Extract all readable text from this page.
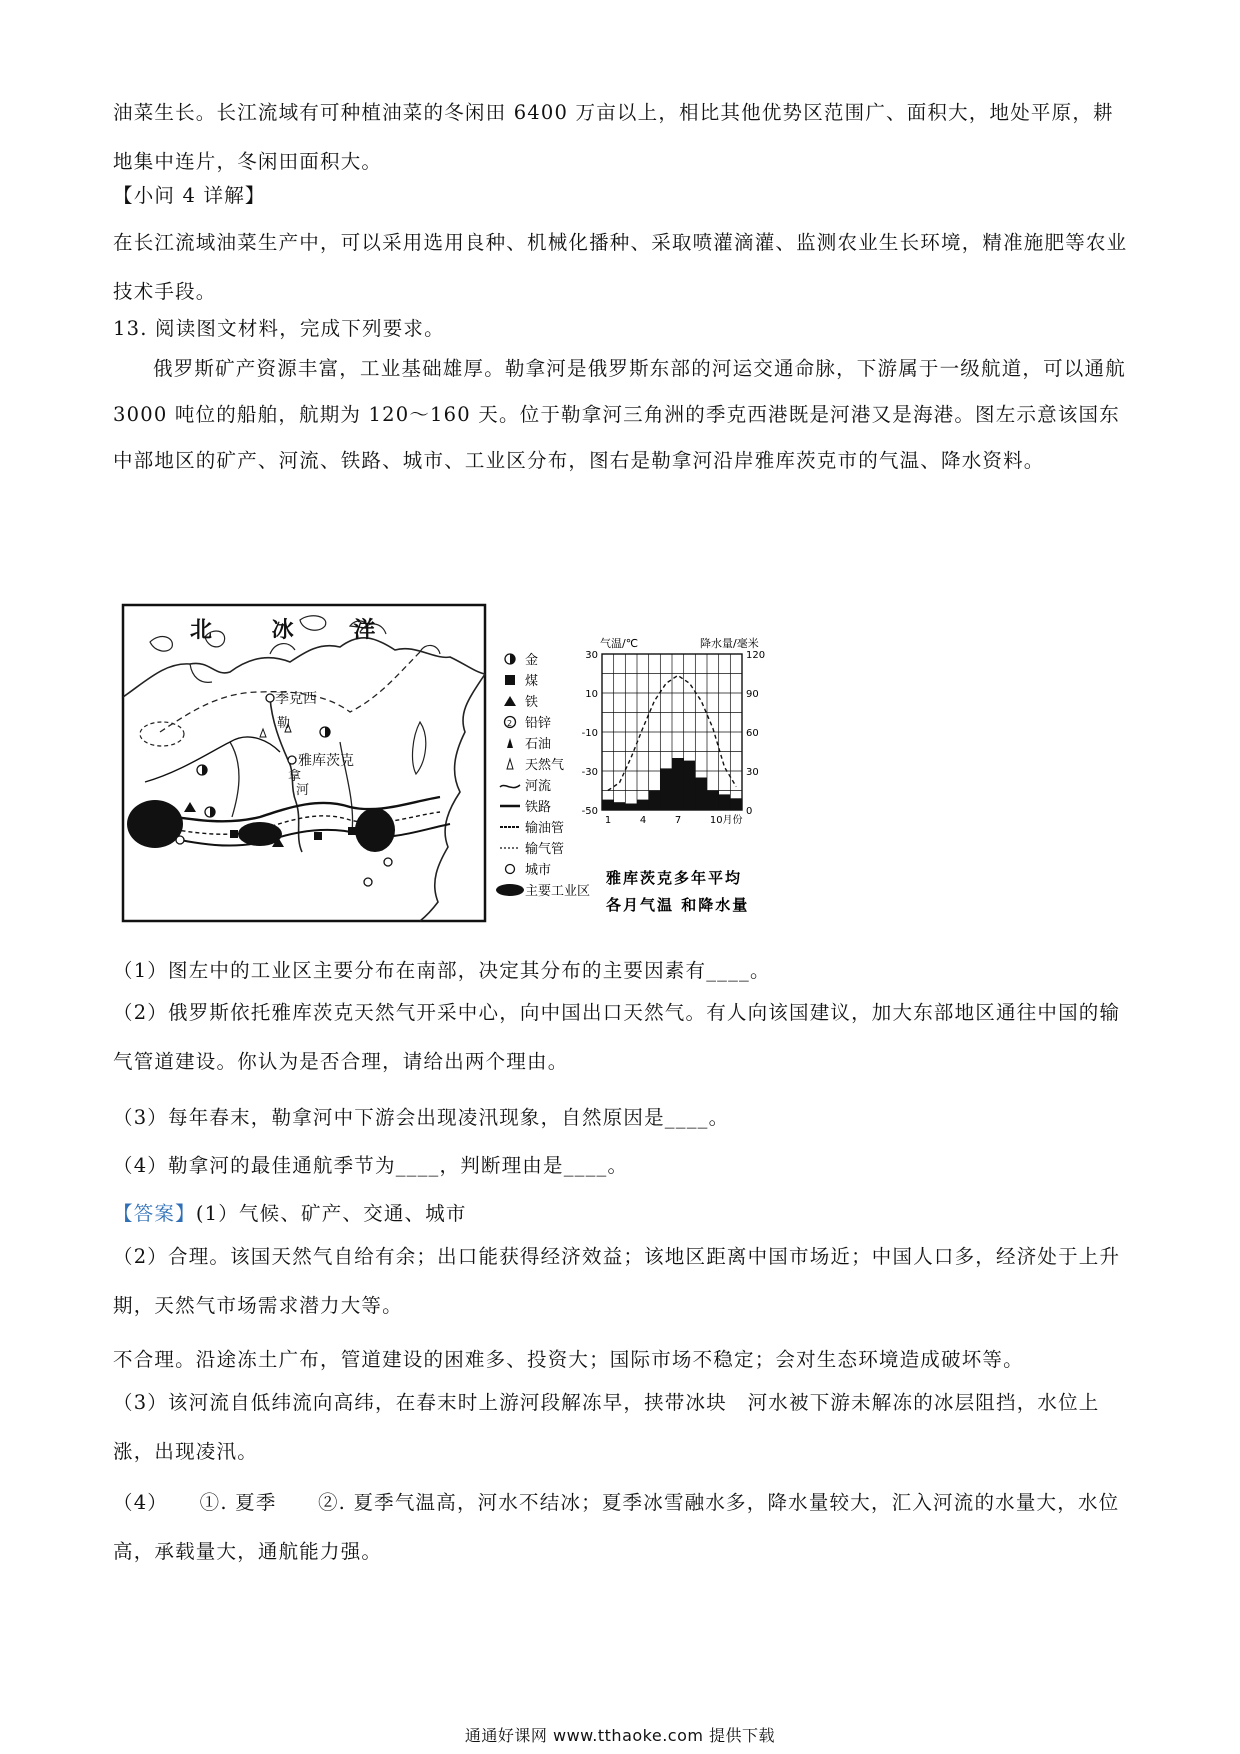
油菜生长。长江流域有可种植油菜的冬闲田 6400 万亩以上，相比其他优势区范围广、面积大，地处平原，耕地集中连片，冬闲田面积大。

【小问 4 详解】

在长江流域油菜生产中，可以采用选用良种、机械化播种、采取喷灌滴灌、监测农业生长环境，精准施肥等农业技术手段。

13. 阅读图文材料，完成下列要求。

俄罗斯矿产资源丰富，工业基础雄厚。勒拿河是俄罗斯东部的河运交通命脉，下游属于一级航道，可以通航 3000 吨位的船舶，航期为 120～160 天。位于勒拿河三角洲的季克西港既是河港又是海港。图左示意该国东中部地区的矿产、河流、铁路、城市、工业区分布，图右是勒拿河沿岸雅库茨克市的气温、降水资料。

北 冰 洋
季克西
雅库茨克
勒
拿
河
金
煤
铁
2 铅锌
石油
天然气
河流
铁路
输油管
输气管
城市
主要工业区
气温/℃	降水量/毫米
30
10
-10
-30
-50
120
90
60
30
0
1	4	7	10月份
雅库茨克多年平均
各月气温 和降水量

（1）图左中的工业区主要分布在南部，决定其分布的主要因素有____。

（2）俄罗斯依托雅库茨克天然气开采中心，向中国出口天然气。有人向该国建议，加大东部地区通往中国的输气管道建设。你认为是否合理，请给出两个理由。

（3）每年春末，勒拿河中下游会出现凌汛现象，自然原因是____。

（4）勒拿河的最佳通航季节为____，判断理由是____。

【答案】(1）气候、矿产、交通、城市

（2）合理。该国天然气自给有余；出口能获得经济效益；该地区距离中国市场近；中国人口多，经济处于上升期，天然气市场需求潜力大等。

不合理。沿途冻土广布，管道建设的困难多、投资大；国际市场不稳定；会对生态环境造成破坏等。

（3）该河流自低纬流向高纬，在春末时上游河段解冻早，挟带冰块　河水被下游未解冻的冰层阻挡，水位上涨，出现凌汛。

（4）　　①. 夏季　　②. 夏季气温高，河水不结冰；夏季冰雪融水多，降水量较大，汇入河流的水量大，水位高，承载量大，通航能力强。

通通好课网 www.tthaoke.com 提供下载
